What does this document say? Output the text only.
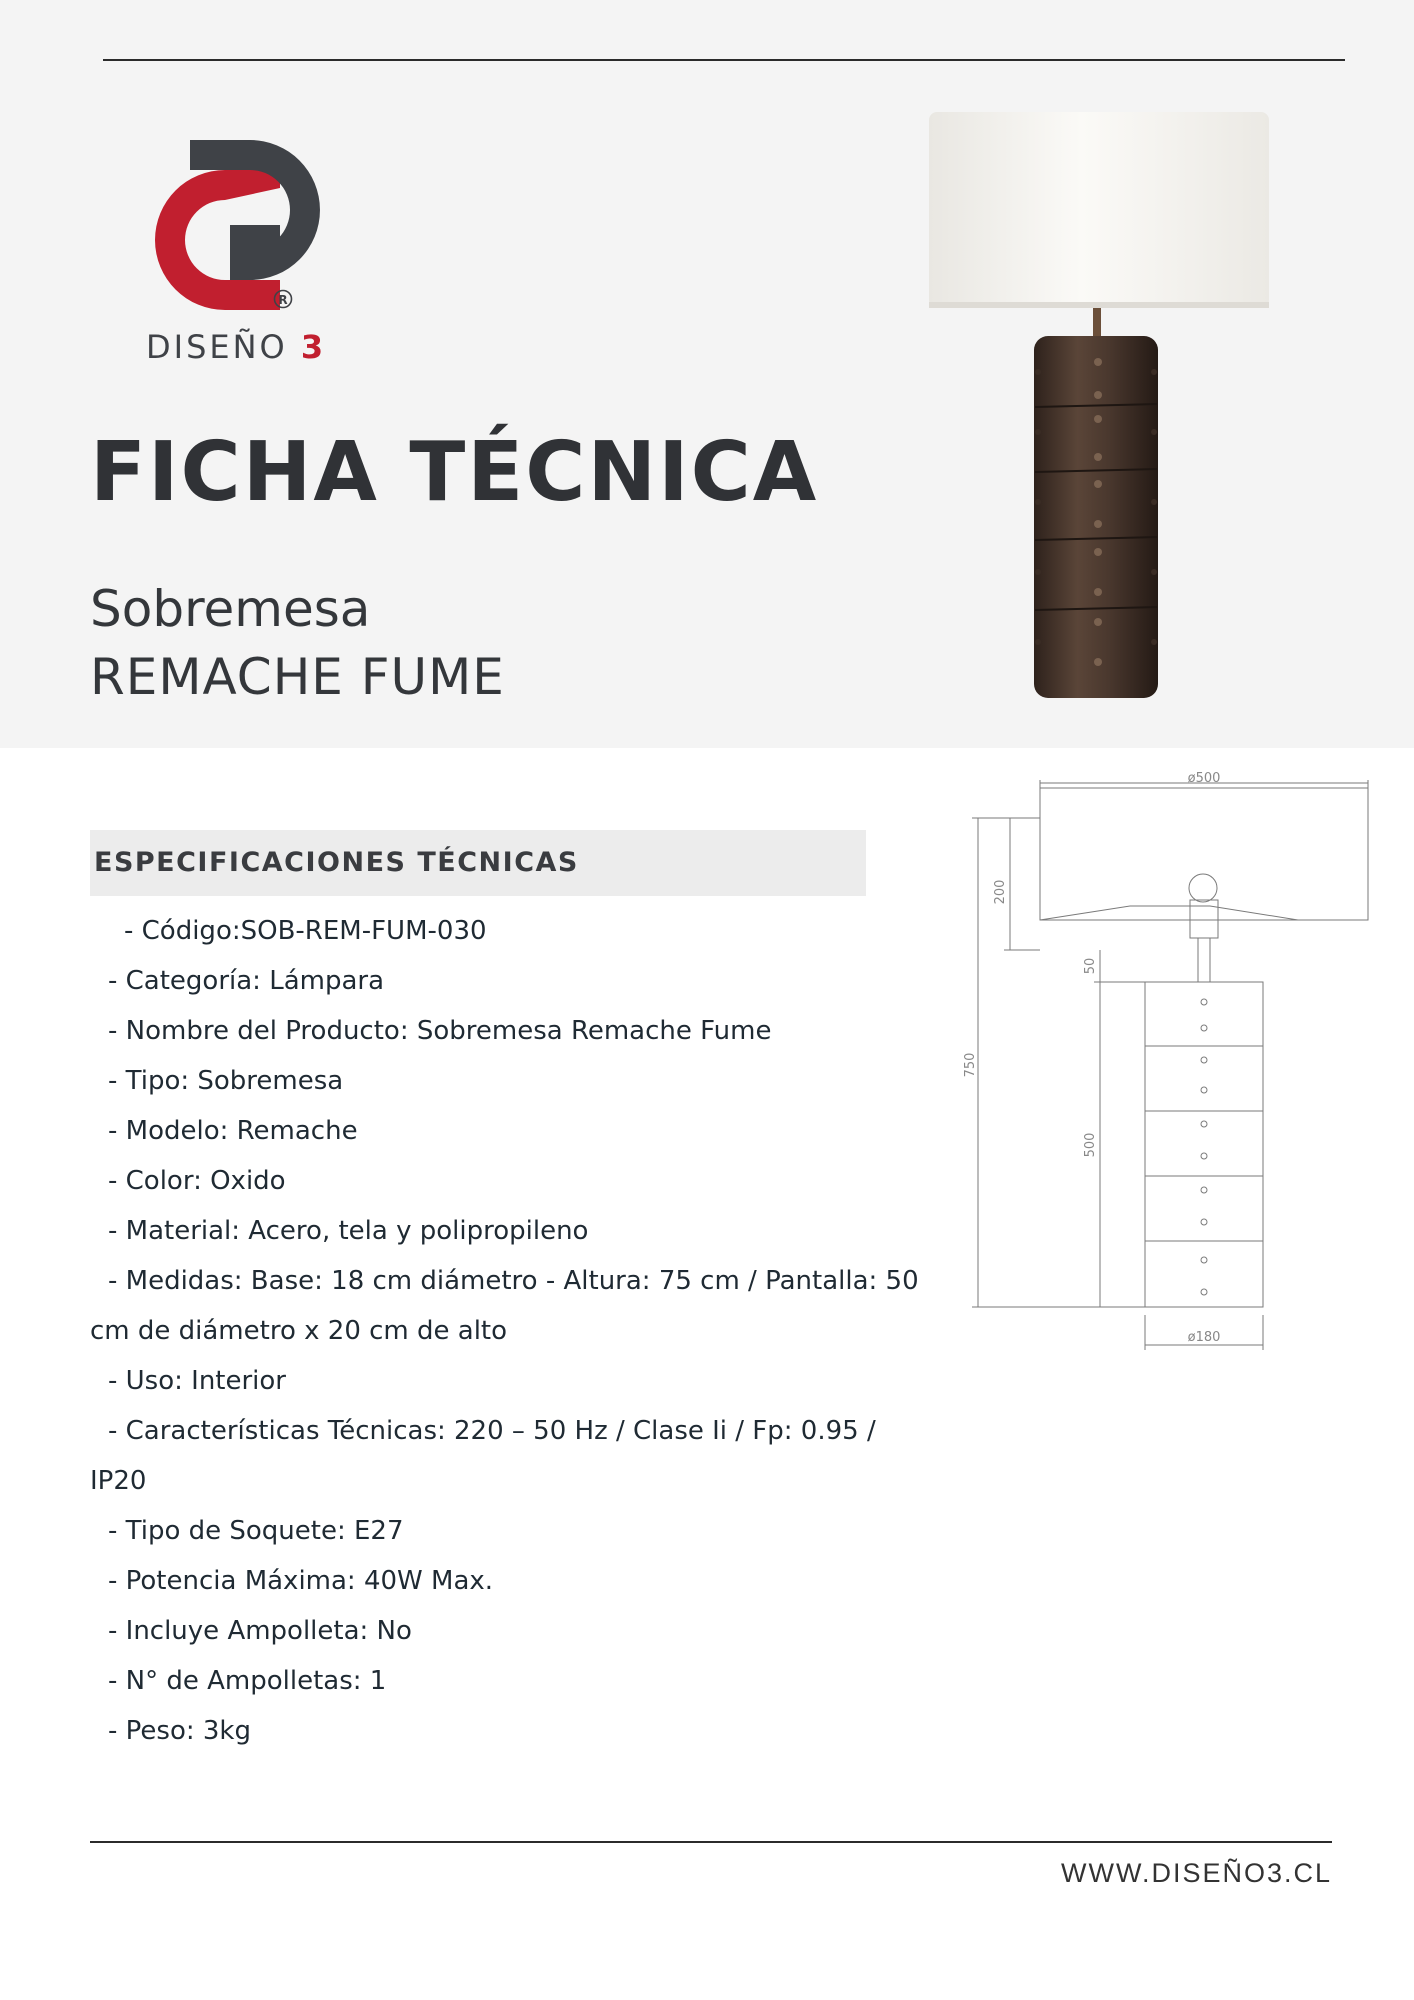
R
DISEÑO 3
FICHA TÉCNICA
Sobremesa
REMACHE FUME
ESPECIFICACIONES TÉCNICAS
- Código:SOB-REM-FUM-030
- Categoría: Lámpara
- Nombre del Producto: Sobremesa Remache Fume
- Tipo: Sobremesa
- Modelo: Remache
- Color: Oxido
- Material: Acero, tela y polipropileno
- Medidas: Base: 18 cm diámetro - Altura: 75 cm / Pantalla: 50
cm de diámetro x 20 cm de alto
- Uso: Interior
- Características Técnicas: 220 – 50 Hz / Clase Ii / Fp: 0.95 /
IP20
- Tipo de Soquete: E27
- Potencia Máxima: 40W Max.
- Incluye Ampolleta: No
- N° de Ampolletas: 1
- Peso: 3kg
ø500
200
50
750
500
ø180
WWW.DISEÑO3.CL
